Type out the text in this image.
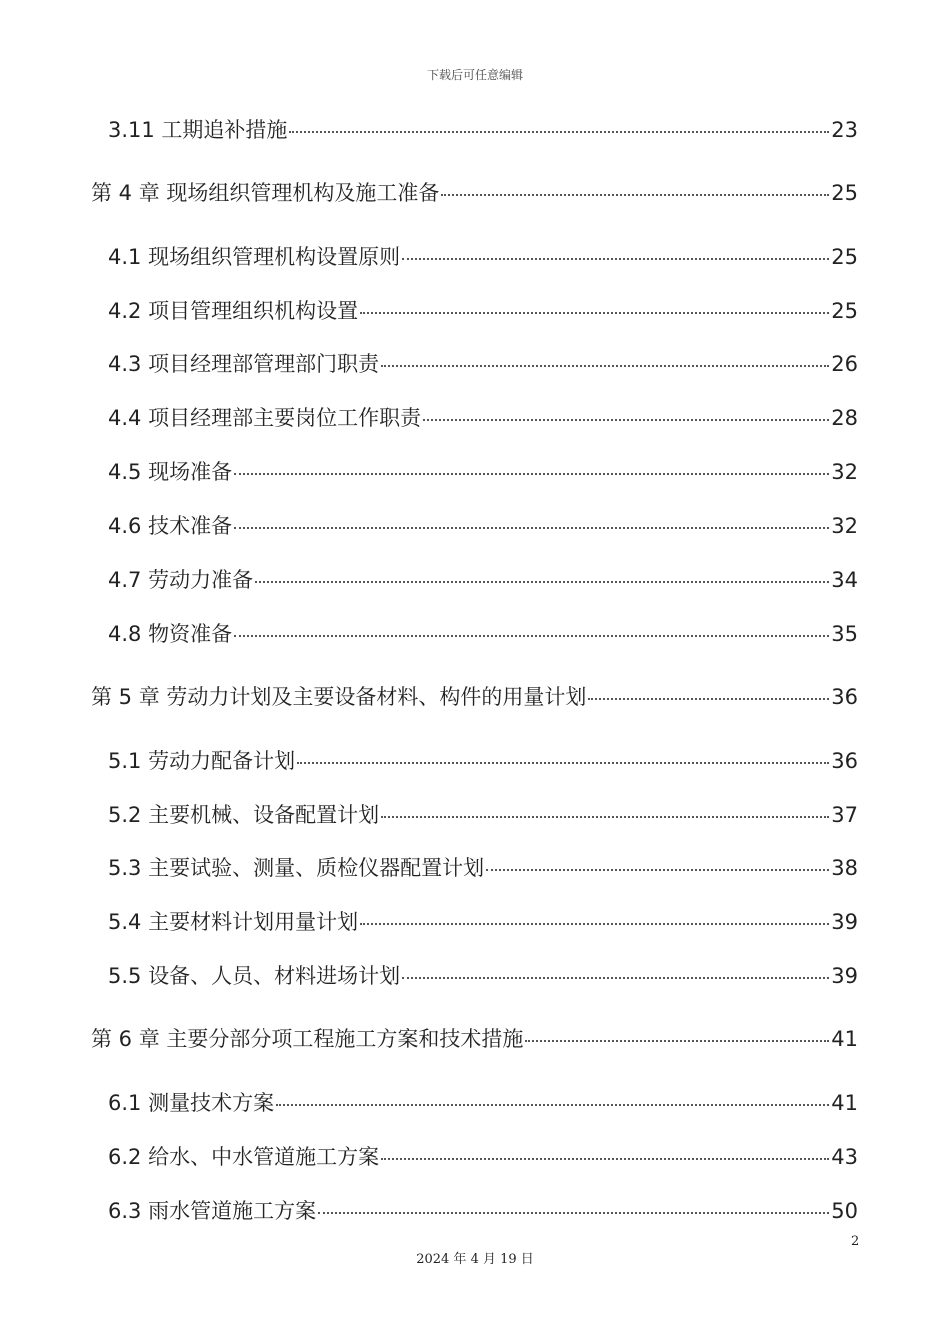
下载后可任意编辑
3.11 工期追补措施	23
第 4 章 现场组织管理机构及施工准备	25
4.1 现场组织管理机构设置原则	25
4.2 项目管理组织机构设置	25
4.3 项目经理部管理部门职责	26
4.4 项目经理部主要岗位工作职责	28
4.5 现场准备	32
4.6 技术准备	32
4.7 劳动力准备	34
4.8 物资准备	35
第 5 章 劳动力计划及主要设备材料、构件的用量计划	36
5.1 劳动力配备计划	36
5.2 主要机械、设备配置计划	37
5.3 主要试验、测量、质检仪器配置计划	38
5.4 主要材料计划用量计划	39
5.5 设备、人员、材料进场计划	39
第 6 章 主要分部分项工程施工方案和技术措施	41
6.1 测量技术方案	41
6.2 给水、中水管道施工方案	43
6.3 雨水管道施工方案	50
2
2024 年 4 月 19 日
